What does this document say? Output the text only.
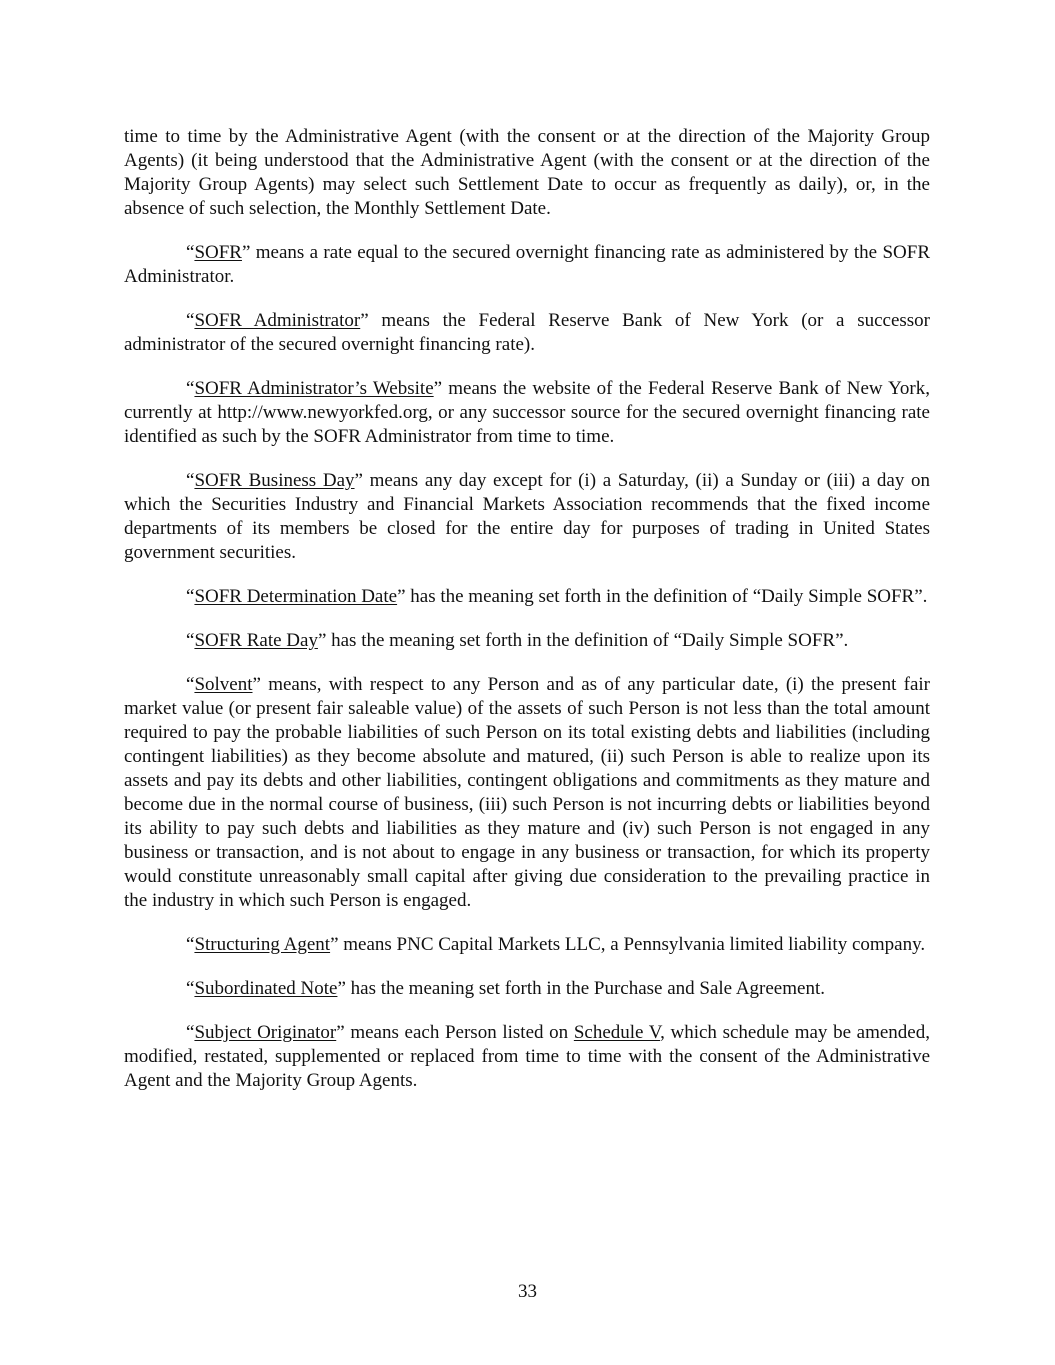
time to time by the Administrative Agent (with the consent or at the direction of the Majority Group Agents) (it being understood that the Administrative Agent (with the consent or at the direction of the Majority Group Agents) may select such Settlement Date to occur as frequently as daily), or, in the absence of such selection, the Monthly Settlement Date.

“SOFR” means a rate equal to the secured overnight financing rate as administered by the SOFR Administrator.

“SOFR Administrator” means the Federal Reserve Bank of New York (or a successor administrator of the secured overnight financing rate).

“SOFR Administrator’s Website” means the website of the Federal Reserve Bank of New York, currently at http://www.newyorkfed.org, or any successor source for the secured overnight financing rate identified as such by the SOFR Administrator from time to time.

“SOFR Business Day” means any day except for (i) a Saturday, (ii) a Sunday or (iii) a day on which the Securities Industry and Financial Markets Association recommends that the fixed income departments of its members be closed for the entire day for purposes of trading in United States government securities.

“SOFR Determination Date” has the meaning set forth in the definition of “Daily Simple SOFR”.

“SOFR Rate Day” has the meaning set forth in the definition of “Daily Simple SOFR”.

“Solvent” means, with respect to any Person and as of any particular date, (i) the present fair market value (or present fair saleable value) of the assets of such Person is not less than the total amount required to pay the probable liabilities of such Person on its total existing debts and liabilities (including contingent liabilities) as they become absolute and matured, (ii) such Person is able to realize upon its assets and pay its debts and other liabilities, contingent obligations and commitments as they mature and become due in the normal course of business, (iii) such Person is not incurring debts or liabilities beyond its ability to pay such debts and liabilities as they mature and (iv) such Person is not engaged in any business or transaction, and is not about to engage in any business or transaction, for which its property would constitute unreasonably small capital after giving due consideration to the prevailing practice in the industry in which such Person is engaged.

“Structuring Agent” means PNC Capital Markets LLC, a Pennsylvania limited liability company.

“Subordinated Note” has the meaning set forth in the Purchase and Sale Agreement.

“Subject Originator” means each Person listed on Schedule V, which schedule may be amended, modified, restated, supplemented or replaced from time to time with the consent of the Administrative Agent and the Majority Group Agents.

33
